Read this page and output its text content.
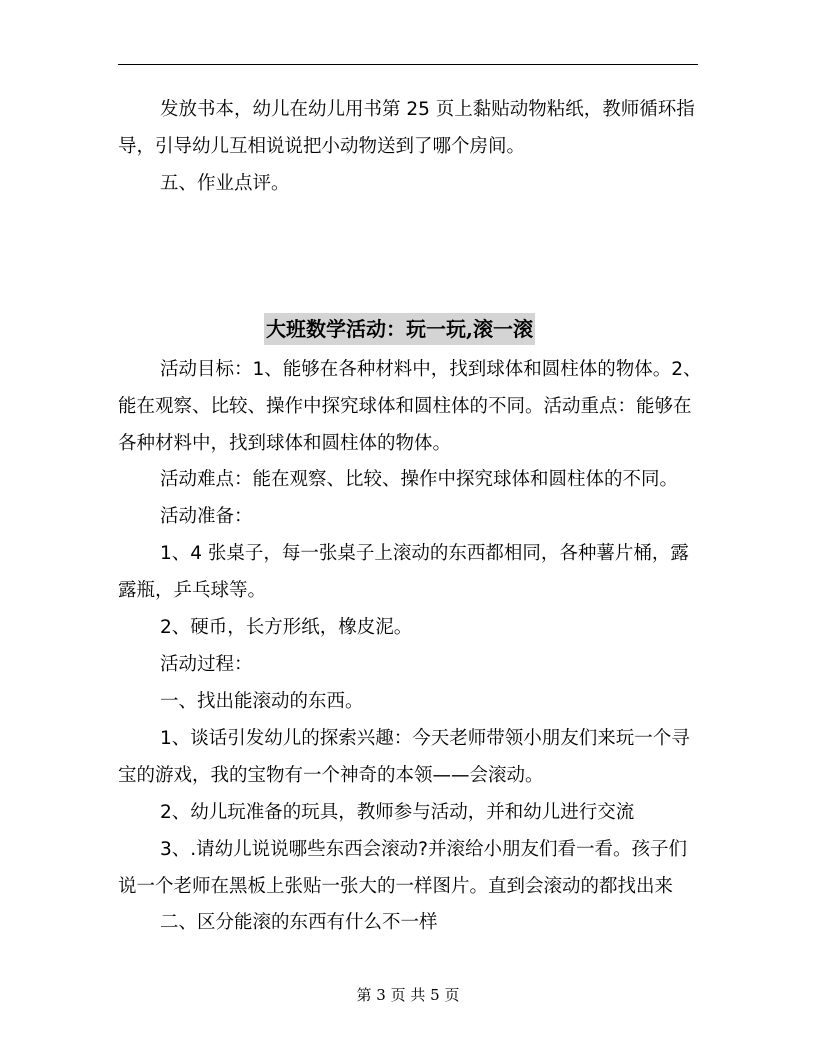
发放书本，幼儿在幼儿用书第 25 页上黏贴动物粘纸，教师循环指

导，引导幼儿互相说说把小动物送到了哪个房间。

五、作业点评。

大班数学活动：玩一玩,滚一滚

活动目标：1、能够在各种材料中，找到球体和圆柱体的物体。2、

能在观察、比较、操作中探究球体和圆柱体的不同。活动重点：能够在

各种材料中，找到球体和圆柱体的物体。

活动难点：能在观察、比较、操作中探究球体和圆柱体的不同。

活动准备：

1、4 张桌子，每一张桌子上滚动的东西都相同，各种薯片桶，露

露瓶，乒乓球等。

2、硬币，长方形纸，橡皮泥。

活动过程：

一、找出能滚动的东西。

1、谈话引发幼儿的探索兴趣：今天老师带领小朋友们来玩一个寻

宝的游戏，我的宝物有一个神奇的本领——会滚动。

2、幼儿玩准备的玩具，教师参与活动，并和幼儿进行交流

3、.请幼儿说说哪些东西会滚动?并滚给小朋友们看一看。孩子们

说一个老师在黑板上张贴一张大的一样图片。直到会滚动的都找出来

二、区分能滚的东西有什么不一样

第 3 页 共 5 页
